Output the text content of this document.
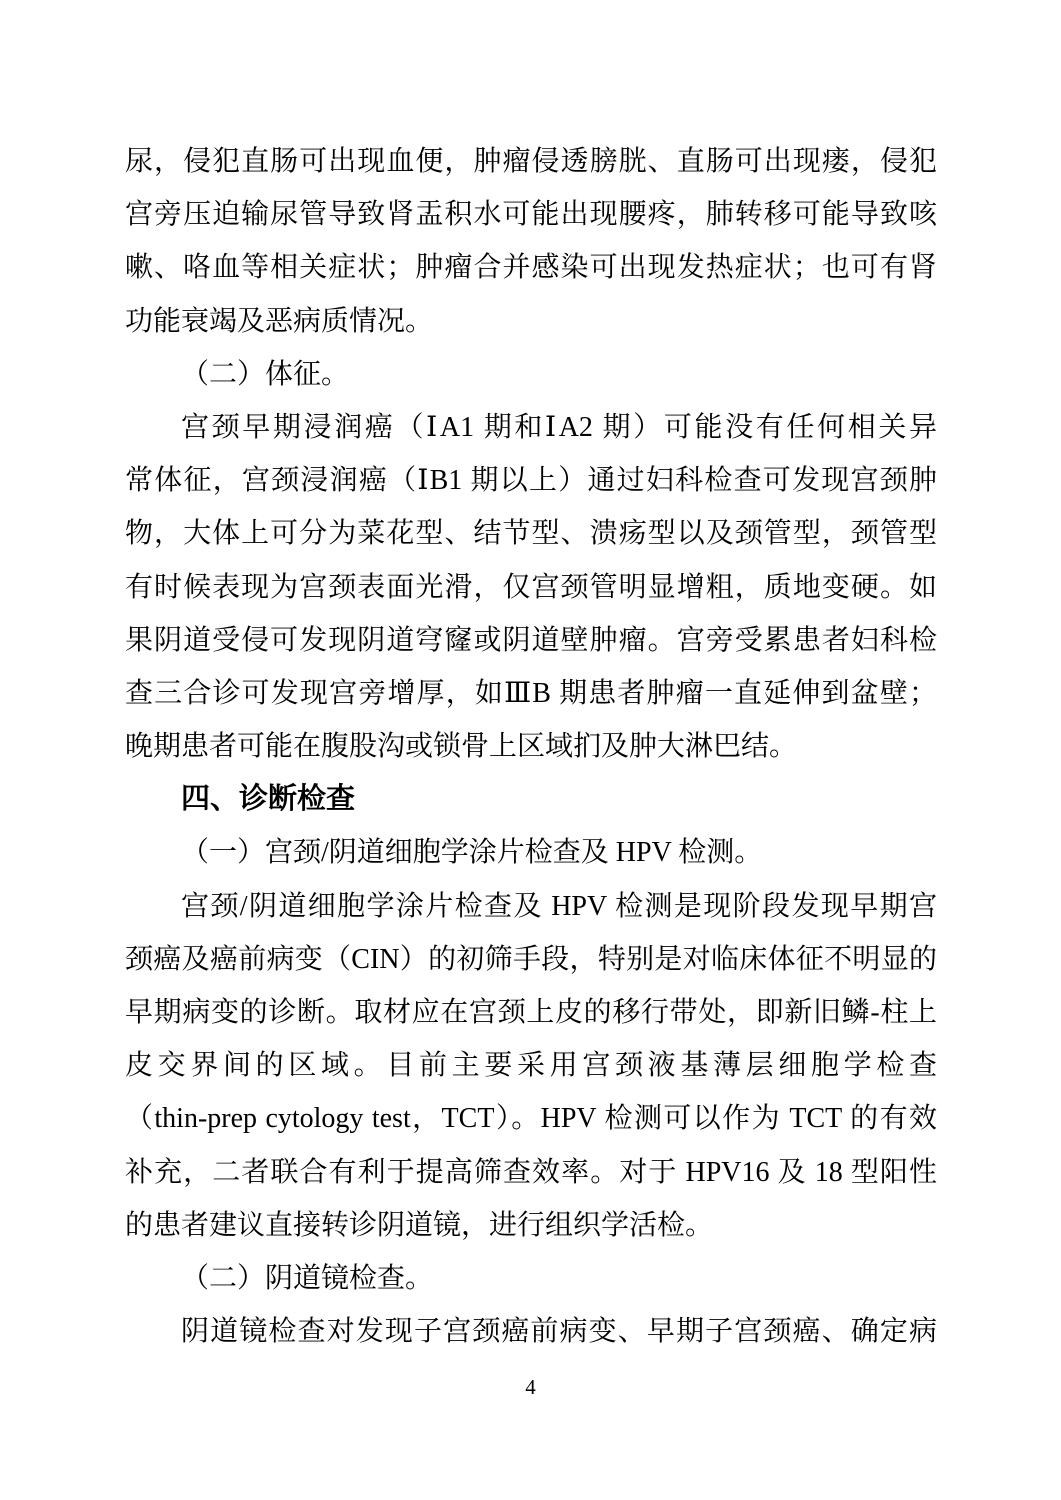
尿，侵犯直肠可出现血便，肿瘤侵透膀胱、直肠可出现瘘，侵犯
宫旁压迫输尿管导致肾盂积水可能出现腰疼，肺转移可能导致咳
嗽、咯血等相关症状；肿瘤合并感染可出现发热症状；也可有肾
功能衰竭及恶病质情况。
（二）体征。
宫颈早期浸润癌（ⅠA1 期和ⅠA2 期）可能没有任何相关异
常体征，宫颈浸润癌（ⅠB1 期以上）通过妇科检查可发现宫颈肿
物，大体上可分为菜花型、结节型、溃疡型以及颈管型，颈管型
有时候表现为宫颈表面光滑，仅宫颈管明显增粗，质地变硬。如
果阴道受侵可发现阴道穹窿或阴道壁肿瘤。宫旁受累患者妇科检
查三合诊可发现宫旁增厚，如ⅢB 期患者肿瘤一直延伸到盆壁；
晚期患者可能在腹股沟或锁骨上区域扪及肿大淋巴结。
四、诊断检查
（一）宫颈/阴道细胞学涂片检查及 HPV 检测。
宫颈/阴道细胞学涂片检查及 HPV 检测是现阶段发现早期宫
颈癌及癌前病变（CIN）的初筛手段，特别是对临床体征不明显的
早期病变的诊断。取材应在宫颈上皮的移行带处，即新旧鳞-柱上
皮交界间的区域。目前主要采用宫颈液基薄层细胞学检查
（thin-prep cytology test，TCT）。HPV 检测可以作为 TCT 的有效
补充，二者联合有利于提高筛查效率。对于 HPV16 及 18 型阳性
的患者建议直接转诊阴道镜，进行组织学活检。
（二）阴道镜检查。
阴道镜检查对发现子宫颈癌前病变、早期子宫颈癌、确定病
4
